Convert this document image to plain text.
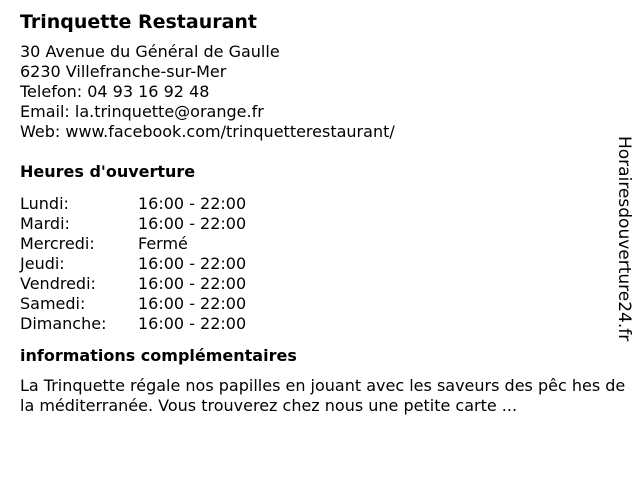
Trinquette Restaurant
30 Avenue du Général de Gaulle
6230 Villefranche-sur-Mer
Telefon: 04 93 16 92 48
Email: la.trinquette@orange.fr
Web: www.facebook.com/trinquetterestaurant/
Heures d'ouverture
Lundi:	16:00 - 22:00
Mardi:	16:00 - 22:00
Mercredi:	Fermé
Jeudi:	16:00 - 22:00
Vendredi:	16:00 - 22:00
Samedi:	16:00 - 22:00
Dimanche:	16:00 - 22:00
informations complémentaires
La Trinquette régale nos papilles en jouant avec les saveurs des pêc hes de la méditerranée. Vous trouverez chez nous une petite carte ...
Horairesdouverture24.fr
